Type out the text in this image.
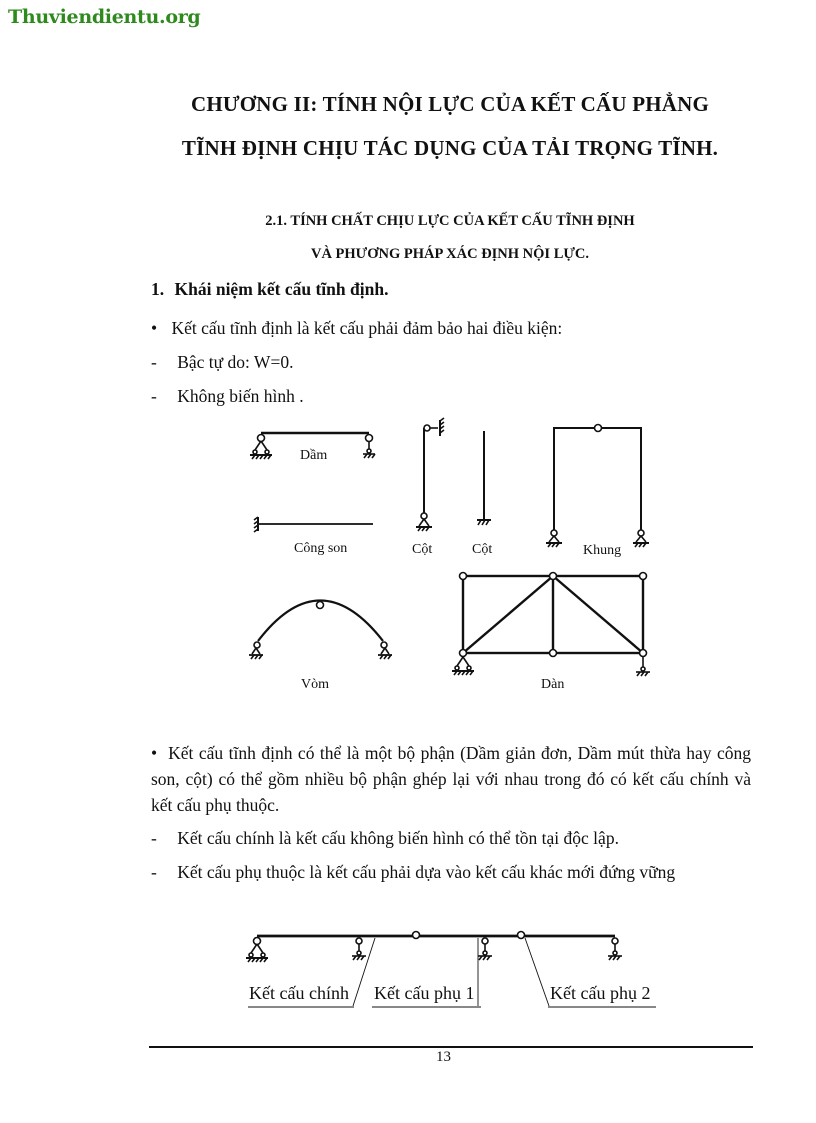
Thuviendientu.org
CHƯƠNG II: TÍNH NỘI LỰC CỦA KẾT CẤU PHẲNG
TĨNH ĐỊNH CHỊU TÁC DỤNG CỦA TẢI TRỌNG TĨNH.
2.1. TÍNH CHẤT CHỊU LỰC CỦA KẾT CẤU TĨNH ĐỊNH
VÀ PHƯƠNG PHÁP XÁC ĐỊNH NỘI LỰC.
1. Khái niệm kết cấu tĩnh định.
• Kết cấu tĩnh định là kết cấu phải đảm bảo hai điều kiện:
- Bậc tự do: W=0.
- Không biến hình .
Dầm
Công son	Cột	Cột	Khung
Vòm	Dàn
• Kết cấu tĩnh định có thể là một bộ phận (Dầm giản đơn, Dầm mút thừa hay công son, cột) có thể gồm nhiều bộ phận ghép lại với nhau trong đó có kết cấu chính và kết cấu phụ thuộc.
- Kết cấu chính là kết cấu không biến hình có thể tồn tại độc lập.
- Kết cấu phụ thuộc là kết cấu phải dựa vào kết cấu khác mới đứng vững
Kết cấu chính Kết cấu phụ 1	Kết cấu phụ 2
13
